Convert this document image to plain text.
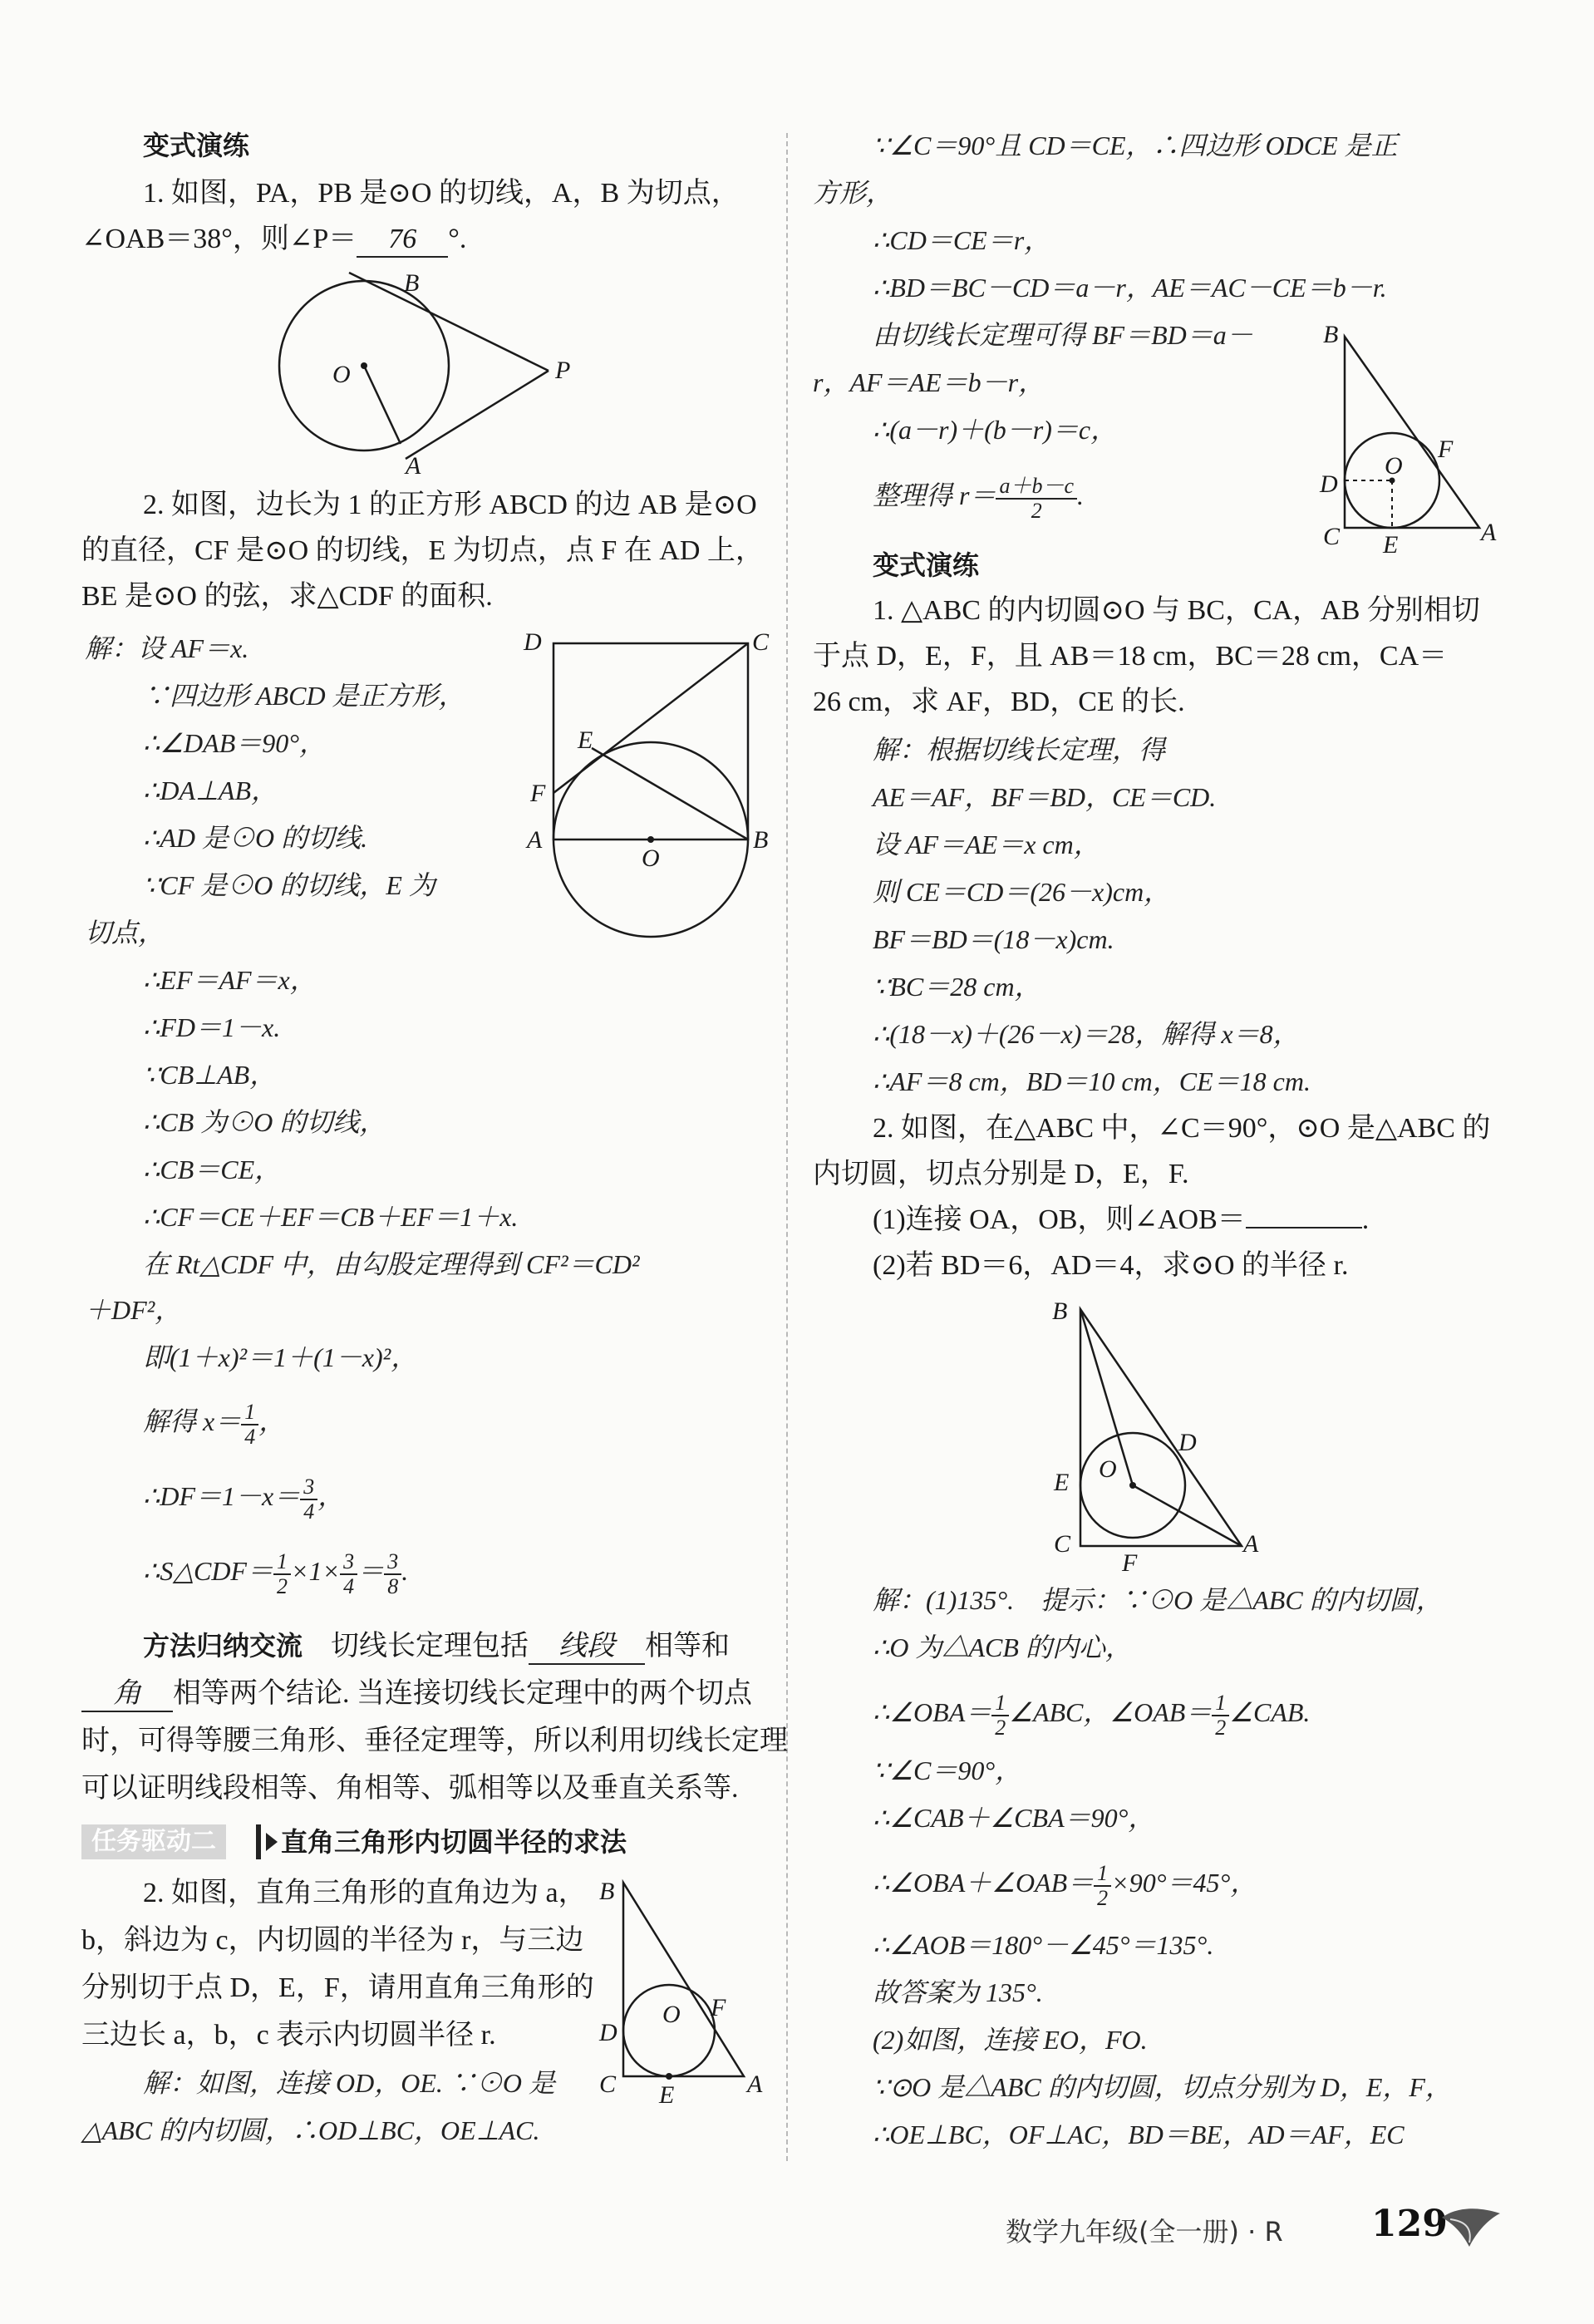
变式演练
1. 如图，PA，PB 是⊙O 的切线，A，B 为切点，
∠OAB＝38°，则∠P＝ 76 °.
B
O
A
P
2. 如图，边长为 1 的正方形 ABCD 的边 AB 是⊙O
的直径，CF 是⊙O 的切线，E 为切点，点 F 在 AD 上，
BE 是⊙O 的弦，求△CDF 的面积.
D	C
E
F
A
O
B
解：设 AF＝x.
∵四边形 ABCD 是正方形，
∴∠DAB＝90°，
∴DA⊥AB，
∴AD 是⊙O 的切线.
∵CF 是⊙O 的切线，E 为
切点，
∴EF＝AF＝x，
∴FD＝1－x.
∵CB⊥AB，
∴CB 为⊙O 的切线，
∴CB＝CE，
∴CF＝CE＋EF＝CB＋EF＝1＋x.
在 Rt△CDF 中，由勾股定理得到 CF²＝CD²
＋DF²，
即(1＋x)²＝1＋(1－x)²，
解得 $x= \frac{1}{4}$ ，
∴DF＝1－x＝ $\frac{3}{4}$ ，
∴S△CDF＝ $\frac{1}{2} \times 1\times \frac{3}{4} = \frac{3}{8}$ .
方法归纳交流　 切线长定理包括 线段 相等和
角 相等两个结论. 当连接切线长定理中的两个切点
时，可得等腰三角形、垂径定理等，所以利用切线长定理
可以证明线段相等、角相等、弧相等以及垂直关系等.
任务驱动二	直角三角形内切圆半径的求法
2. 如图，直角三角形的直角边为 a，
b，斜边为 c，内切圆的半径为 r，与三边
分别切于点 D，E，F，请用直角三角形的
三边长 a，b，c 表示内切圆半径 r.
解：如图，连接 OD，OE. ∵⊙O 是
△ABC 的内切圆，∴OD⊥BC，OE⊥AC.
B
F
O
D
C E	A
∵∠C＝90°且 CD＝CE，∴四边形 ODCE 是正
方形，
∴CD＝CE＝r，
∴BD＝BC－CD＝a－r，AE＝AC－CE＝b－r.
由切线长定理可得 BF＝BD＝a－
r，AF＝AE＝b－r，
∴(a－r)＋(b－r)＝c，
整理得 $r= \frac{a+b-c}{2}$ .
B
F
D
O
C E	A
变式演练
1. △ABC 的内切圆⊙O 与 BC，CA，AB 分别相切
于点 D，E，F，且 AB＝18 cm，BC＝28 cm，CA＝
26 cm，求 AF，BD，CE 的长.
解：根据切线长定理，得
AE＝AF，BF＝BD，CE＝CD.
设 AF＝AE＝x cm，
则 CE＝CD＝(26－x)cm，
BF＝BD＝(18－x)cm.
∵BC＝28 cm，
∴(18－x)＋(26－x)＝28，解得 x＝8，
∴AF＝8 cm，BD＝10 cm，CE＝18 cm.
2. 如图，在△ABC 中，∠C＝90°，⊙O 是△ABC 的
内切圆，切点分别是 D，E，F.
(1)连接 OA，OB，则∠AOB＝	.
(2)若 BD＝6，AD＝4，求⊙O 的半径 r.
B
D
O
E
C
F
A
解：(1)135°.　提示：∵⊙O 是△ABC 的内切圆，
∴O 为△ACB 的内心，
∴∠OBA＝ $\frac{1}{2}$ ∠ABC，∠OAB＝ $\frac{1}{2}$ ∠CAB.
∵∠C＝90°，
∴∠CAB＋∠CBA＝90°，
∴∠OBA＋∠OAB＝ $\frac{1}{2} \times 90^\circ=45^\circ$，
∴∠AOB＝180°－∠45°＝135°.
故答案为 135°.
(2)如图，连接 EO，FO.
∵⊙O 是△ABC 的内切圆，切点分别为 D，E，F，
∴OE⊥BC，OF⊥AC，BD＝BE，AD＝AF，EC
数学九年级(全一册) · R 129
